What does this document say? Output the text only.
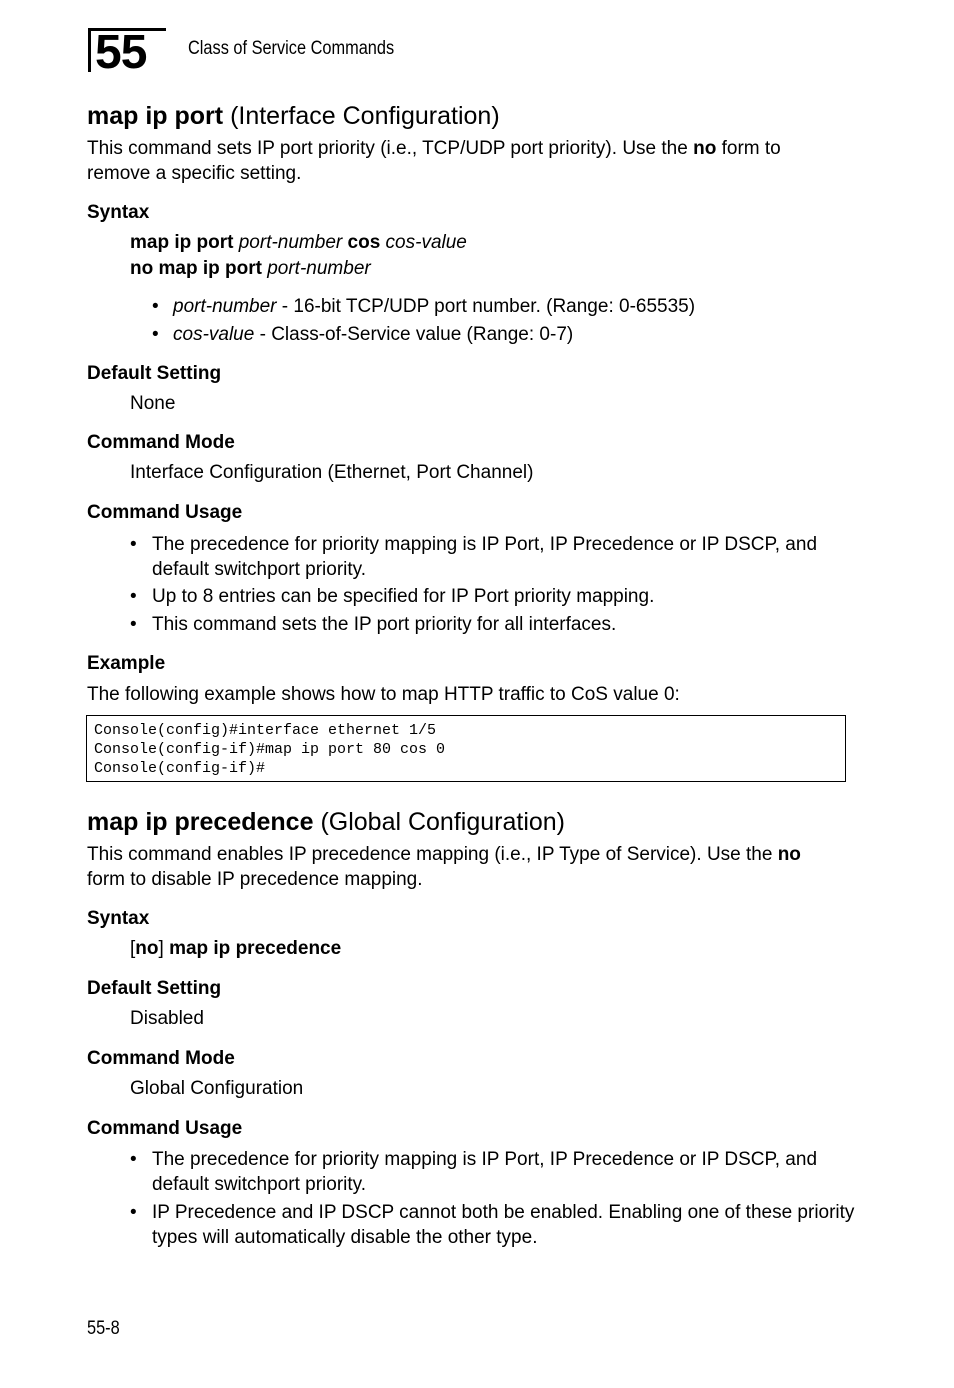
55	Class of Service Commands
map ip port (Interface Configuration)
This command sets IP port priority (i.e., TCP/UDP port priority). Use the no form to remove a specific setting.
Syntax
map ip port port-number cos cos-value
no map ip port port-number
• port-number - 16-bit TCP/UDP port number. (Range: 0-65535)
• cos-value - Class-of-Service value (Range: 0-7)
Default Setting
None
Command Mode
Interface Configuration (Ethernet, Port Channel)
Command Usage
• The precedence for priority mapping is IP Port, IP Precedence or IP DSCP, and default switchport priority.
• Up to 8 entries can be specified for IP Port priority mapping.
• This command sets the IP port priority for all interfaces.
Example
The following example shows how to map HTTP traffic to CoS value 0:
Console(config)#interface ethernet 1/5
Console(config-if)#map ip port 80 cos 0
Console(config-if)#
map ip precedence (Global Configuration)
This command enables IP precedence mapping (i.e., IP Type of Service). Use the no form to disable IP precedence mapping.
Syntax
[no] map ip precedence
Default Setting
Disabled
Command Mode
Global Configuration
Command Usage
• The precedence for priority mapping is IP Port, IP Precedence or IP DSCP, and default switchport priority.
• IP Precedence and IP DSCP cannot both be enabled. Enabling one of these priority types will automatically disable the other type.
55-8
